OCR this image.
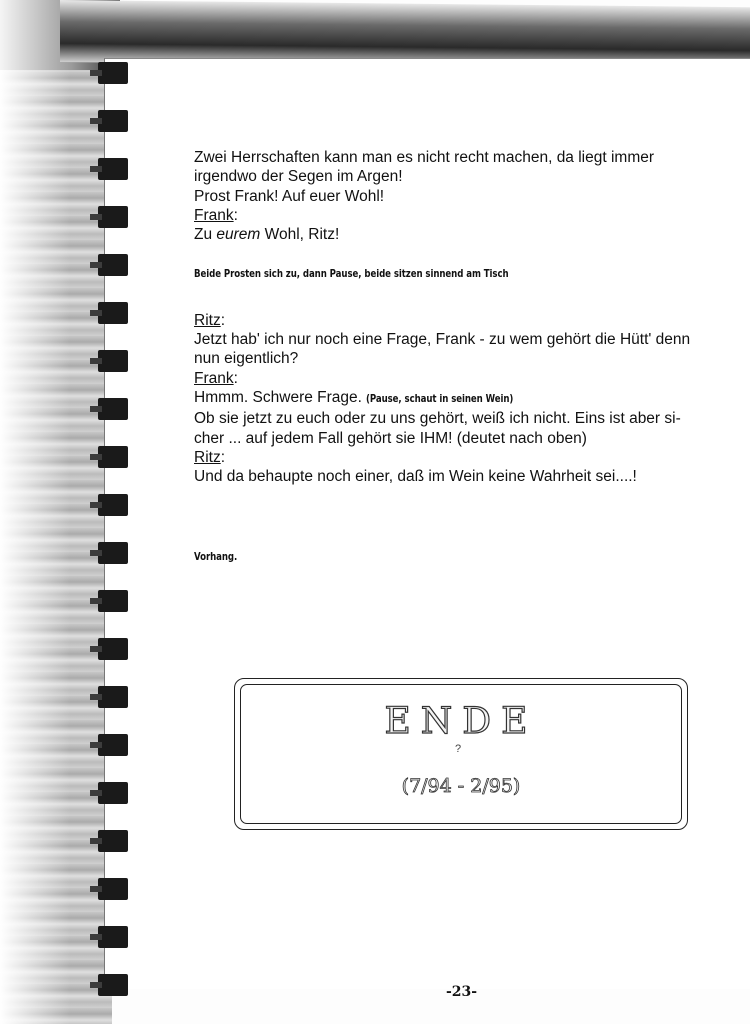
Zwei Herrschaften kann man es nicht recht machen, da liegt immer
irgendwo der Segen im Argen!
Prost Frank! Auf euer Wohl!
Frank:
Zu eurem Wohl, Ritz!
Beide Prosten sich zu, dann Pause, beide sitzen sinnend am Tisch
Ritz:
Jetzt hab' ich nur noch eine Frage, Frank - zu wem gehört die Hütt' denn
nun eigentlich?
Frank:
Hmmm. Schwere Frage. (Pause, schaut in seinen Wein)
Ob sie jetzt zu euch oder zu uns gehört, weiß ich nicht. Eins ist aber si-
cher ... auf jedem Fall gehört sie IHM! (deutet nach oben)
Ritz:
Und da behaupte noch einer, daß im Wein keine Wahrheit sei....!
Vorhang.
ENDE
?
(7/94 - 2/95)
-23-
